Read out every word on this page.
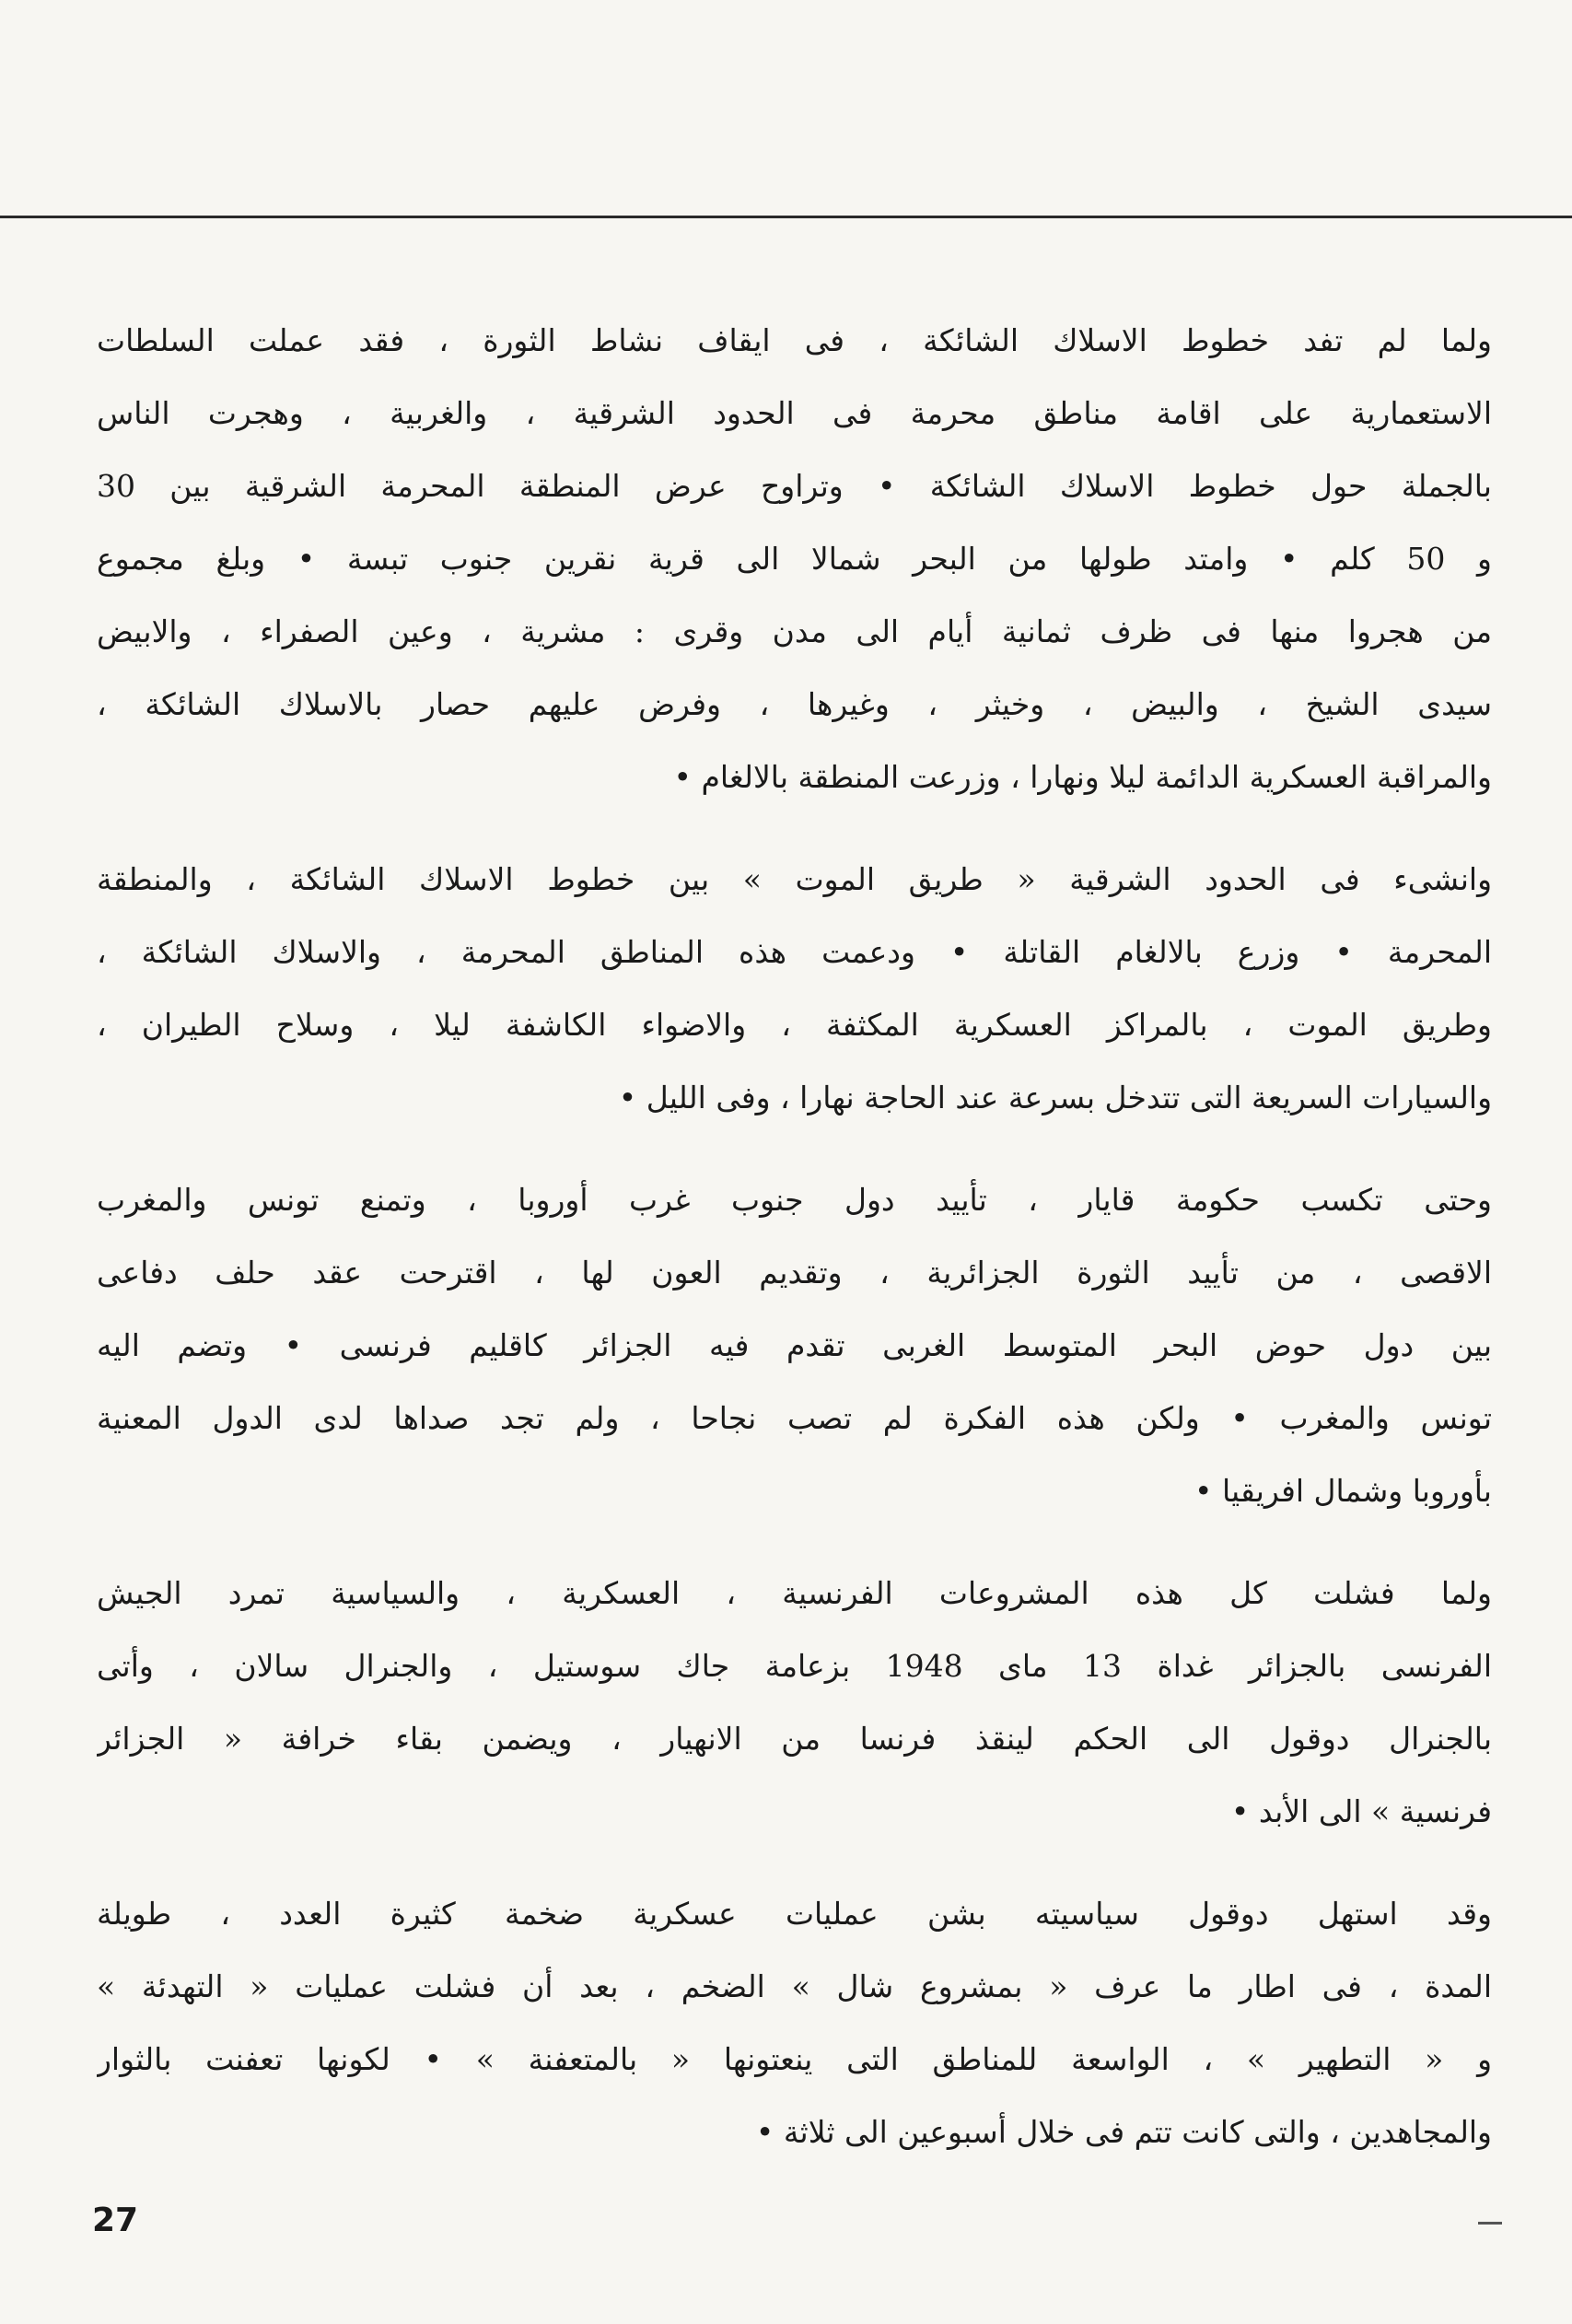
ولما لم تفد خطوط الاسلاك الشائكة ، فى ايقاف نشاط الثورة ، فقد عملت السلطات
الاستعمارية على اقامة مناطق محرمة فى الحدود الشرقية ، والغربية ، وهجرت الناس
بالجملة حول خطوط الاسلاك الشائكة • وتراوح عرض المنطقة المحرمة الشرقية بين 30
و 50 كلم • وامتد طولها من البحر شمالا الى قرية نقرين جنوب تبسة • وبلغ مجموع
من هجروا منها فى ظرف ثمانية أيام الى مدن وقرى : مشرية ، وعين الصفراء ، والابيض
سيدى الشيخ ، والبيض ، وخيثر ، وغيرها ، وفرض عليهم حصار بالاسلاك الشائكة ،
والمراقبة العسكرية الدائمة ليلا ونهارا ، وزرعت المنطقة بالالغام •
وانشىء فى الحدود الشرقية « طريق الموت » بين خطوط الاسلاك الشائكة ، والمنطقة
المحرمة • وزرع بالالغام القاتلة • ودعمت هذه المناطق المحرمة ، والاسلاك الشائكة ،
وطريق الموت ، بالمراكز العسكرية المكثفة ، والاضواء الكاشفة ليلا ، وسلاح الطيران ،
والسيارات السريعة التى تتدخل بسرعة عند الحاجة نهارا ، وفى الليل •
وحتى تكسب حكومة قايار ، تأييد دول جنوب غرب أوروبا ، وتمنع تونس والمغرب
الاقصى ، من تأييد الثورة الجزائرية ، وتقديم العون لها ، اقترحت عقد حلف دفاعى
بين دول حوض البحر المتوسط الغربى تقدم فيه الجزائر كاقليم فرنسى • وتضم اليه
تونس والمغرب • ولكن هذه الفكرة لم تصب نجاحا ، ولم تجد صداها لدى الدول المعنية
بأوروبا وشمال افريقيا •
ولما فشلت كل هذه المشروعات الفرنسية ، العسكرية ، والسياسية تمرد الجيش
الفرنسى بالجزائر غداة 13 ماى 1948 بزعامة جاك سوستيل ، والجنرال سالان ، وأتى
بالجنرال دوقول الى الحكم لينقذ فرنسا من الانهيار ، ويضمن بقاء خرافة « الجزائر
فرنسية » الى الأبد •
وقد استهل دوقول سياسيته بشن عمليات عسكرية ضخمة كثيرة العدد ، طويلة
المدة ، فى اطار ما عرف « بمشروع شال » الضخم ، بعد أن فشلت عمليات « التهدئة »
و « التطهير » ، الواسعة للمناطق التى ينعتونها « بالمتعفنة » • لكونها تعفنت بالثوار
والمجاهدين ، والتى كانت تتم فى خلال أسبوعين الى ثلاثة •
27
